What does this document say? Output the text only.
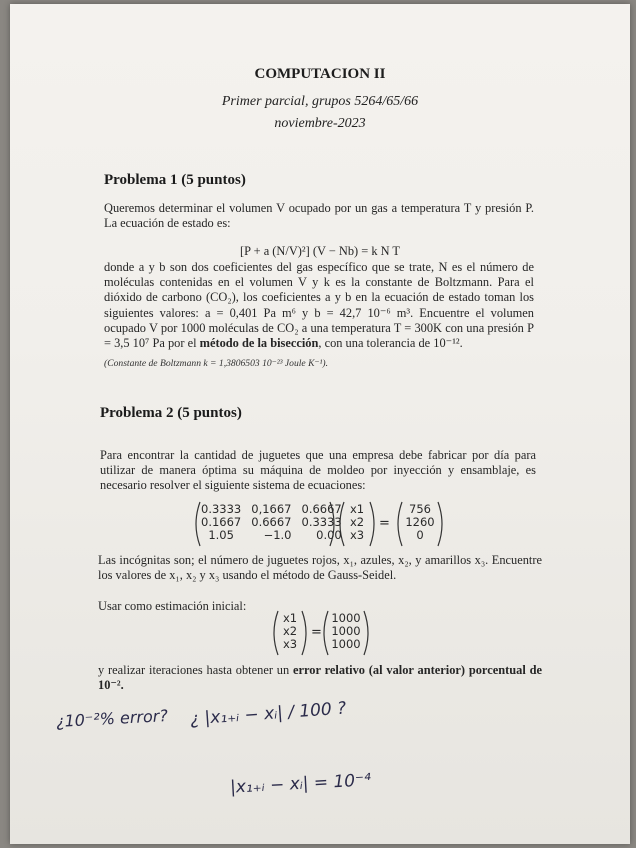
COMPUTACION II
Primer parcial, grupos 5264/65/66
noviembre-2023
Problema 1 (5 puntos)
Queremos determinar el volumen V ocupado por un gas a temperatura T y presión P. La ecuación de estado es:
[P + a (N/V)²] (V − Nb) = k N T
donde a y b son dos coeficientes del gas específico que se trate, N es el número de moléculas contenidas en el volumen V y k es la constante de Boltzmann. Para el dióxido de carbono (CO₂), los coeficientes a y b en la ecuación de estado toman los siguientes valores: a = 0,401 Pa m⁶ y b = 42,7 10⁻⁶ m³. Encuentre el volumen ocupado V por 1000 moléculas de CO₂ a una temperatura T = 300K con una presión P = 3,5 10⁷ Pa por el método de la bisección, con una tolerancia de 10⁻¹².
(Constante de Boltzmann k = 1,3806503 10⁻²³ Joule K⁻¹).
Problema 2 (5 puntos)
Para encontrar la cantidad de juguetes que una empresa debe fabricar por día para utilizar de manera óptima su máquina de moldeo por inyección y ensamblaje, es necesario resolver el siguiente sistema de ecuaciones:
0.3333	0,1667	0.6667
0.1667	0.6667	0.3333
1.05	−1.0	0.00
x1
x2
x3
=
756
1260
0
Las incógnitas son; el número de juguetes rojos, x₁, azules, x₂, y amarillos x₃. Encuentre los valores de x₁, x₂ y x₃ usando el método de Gauss-Seidel.
Usar como estimación inicial:
x1
x2
x3
=
1000
1000
1000
y realizar iteraciones hasta obtener un error relativo (al valor anterior) porcentual de 10⁻².
¿10⁻²% error? ¿ |x₁₊ᵢ − xᵢ| / 100 ?
|x₁₊ᵢ − xᵢ| = 10⁻⁴
